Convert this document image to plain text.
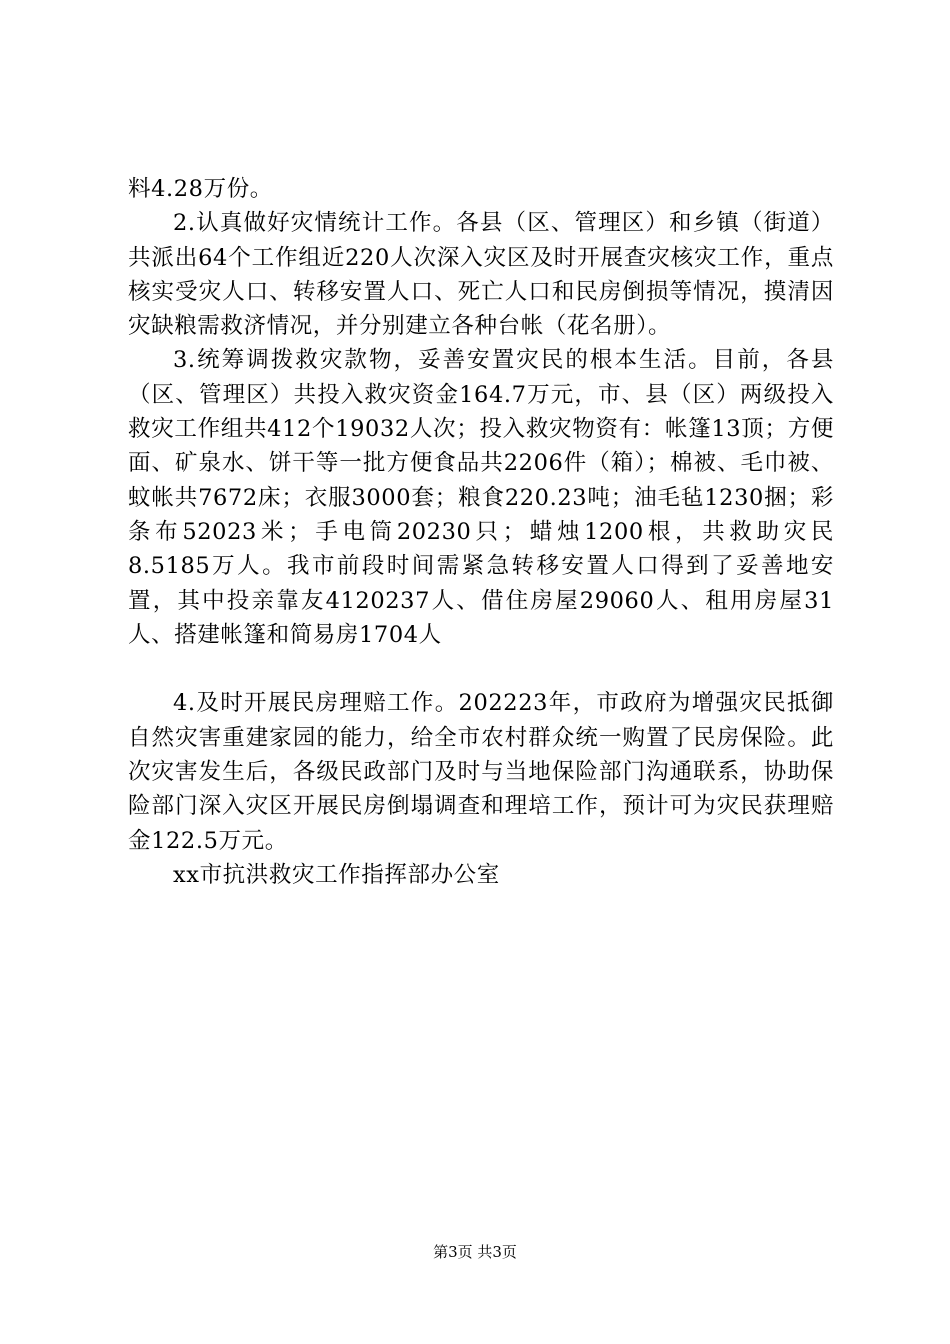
料4.28万份。

2.认真做好灾情统计工作。各县（区、管理区）和乡镇（街道）共派出64个工作组近220人次深入灾区及时开展查灾核灾工作，重点核实受灾人口、转移安置人口、死亡人口和民房倒损等情况，摸清因灾缺粮需救济情况，并分别建立各种台帐（花名册）。

3.统筹调拨救灾款物，妥善安置灾民的根本生活。目前，各县（区、管理区）共投入救灾资金164.7万元，市、县（区）两级投入救灾工作组共412个19032人次；投入救灾物资有：帐篷13顶；方便面、矿泉水、饼干等一批方便食品共2206件（箱）；棉被、毛巾被、蚊帐共7672床；衣服3000套；粮食220.23吨；油毛毡1230捆；彩条布52023米；手电筒20230只；蜡烛1200根，共救助灾民8.5185万人。我市前段时间需紧急转移安置人口得到了妥善地安置，其中投亲靠友4120237人、借住房屋29060人、租用房屋31人、搭建帐篷和简易房1704人

4.及时开展民房理赔工作。202223年，市政府为增强灾民抵御自然灾害重建家园的能力，给全市农村群众统一购置了民房保险。此次灾害发生后，各级民政部门及时与当地保险部门沟通联系，协助保险部门深入灾区开展民房倒塌调查和理培工作，预计可为灾民获理赔金122.5万元。

xx市抗洪救灾工作指挥部办公室

第3页 共3页
